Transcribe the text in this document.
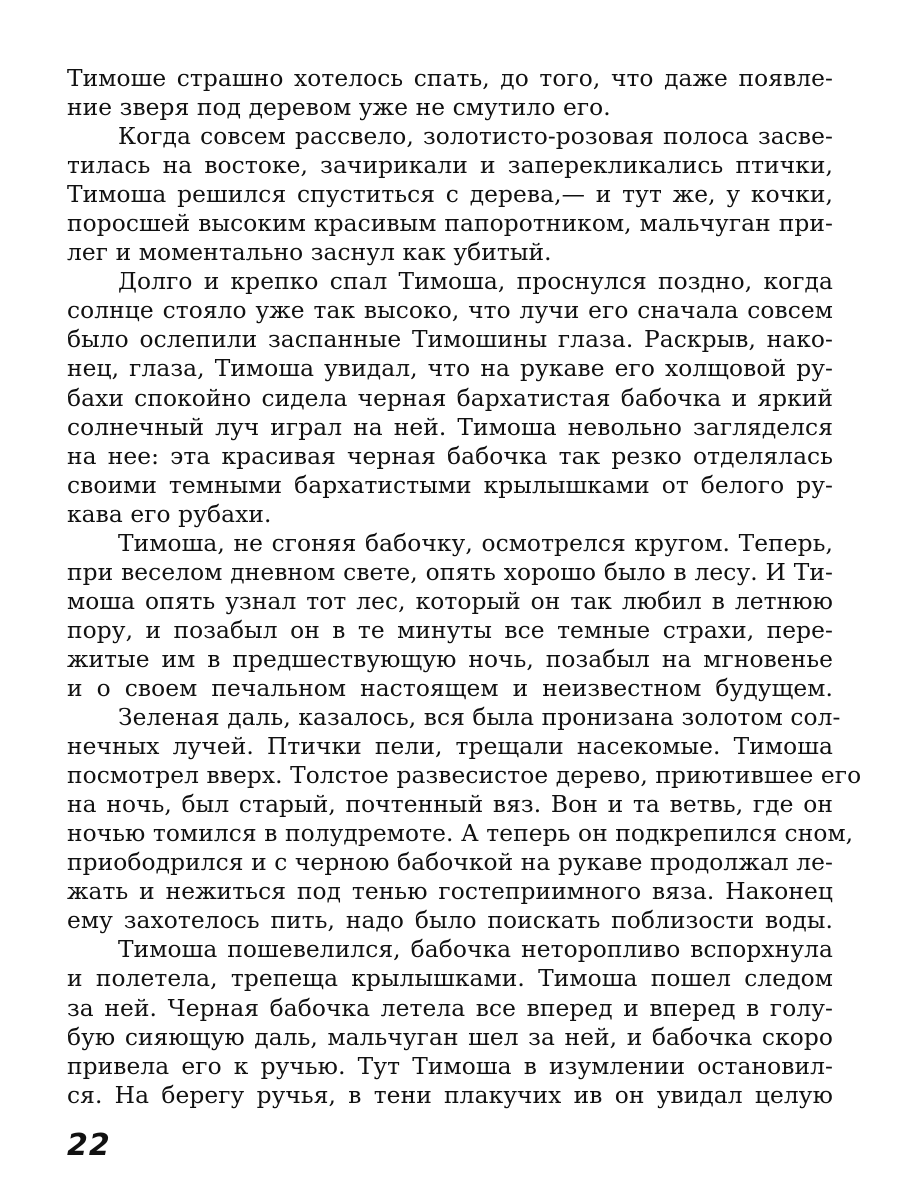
Тимоше страшно хотелось спать, до того, что даже появле-
ние зверя под деревом уже не смутило его.
Когда совсем рассвело, золотисто-розовая полоса засве-
тилась на востоке, зачирикали и заперекликались птички,
Тимоша решился спуститься с дерева,— и тут же, у кочки,
поросшей высоким красивым папоротником, мальчуган при-
лег и моментально заснул как убитый.
Долго и крепко спал Тимоша, проснулся поздно, когда
солнце стояло уже так высоко, что лучи его сначала совсем
было ослепили заспанные Тимошины глаза. Раскрыв, нако-
нец, глаза, Тимоша увидал, что на рукаве его холщовой ру-
бахи спокойно сидела черная бархатистая бабочка и яркий
солнечный луч играл на ней. Тимоша невольно загляделся
на нее: эта красивая черная бабочка так резко отделялась
своими темными бархатистыми крылышками от белого ру-
кава его рубахи.
Тимоша, не сгоняя бабочку, осмотрелся кругом. Теперь,
при веселом дневном свете, опять хорошо было в лесу. И Ти-
моша опять узнал тот лес, который он так любил в летнюю
пору, и позабыл он в те минуты все темные страхи, пере-
житые им в предшествующую ночь, позабыл на мгновенье
и о своем печальном настоящем и неизвестном будущем.
Зеленая даль, казалось, вся была пронизана золотом сол-
нечных лучей. Птички пели, трещали насекомые. Тимоша
посмотрел вверх. Толстое развесистое дерево, приютившее его
на ночь, был старый, почтенный вяз. Вон и та ветвь, где он
ночью томился в полудремоте. А теперь он подкрепился сном,
приободрился и с черною бабочкой на рукаве продолжал ле-
жать и нежиться под тенью гостеприимного вяза. Наконец
ему захотелось пить, надо было поискать поблизости воды.
Тимоша пошевелился, бабочка неторопливо вспорхнула
и полетела, трепеща крылышками. Тимоша пошел следом
за ней. Черная бабочка летела все вперед и вперед в голу-
бую сияющую даль, мальчуган шел за ней, и бабочка скоро
привела его к ручью. Тут Тимоша в изумлении остановил-
ся. На берегу ручья, в тени плакучих ив он увидал целую
22
